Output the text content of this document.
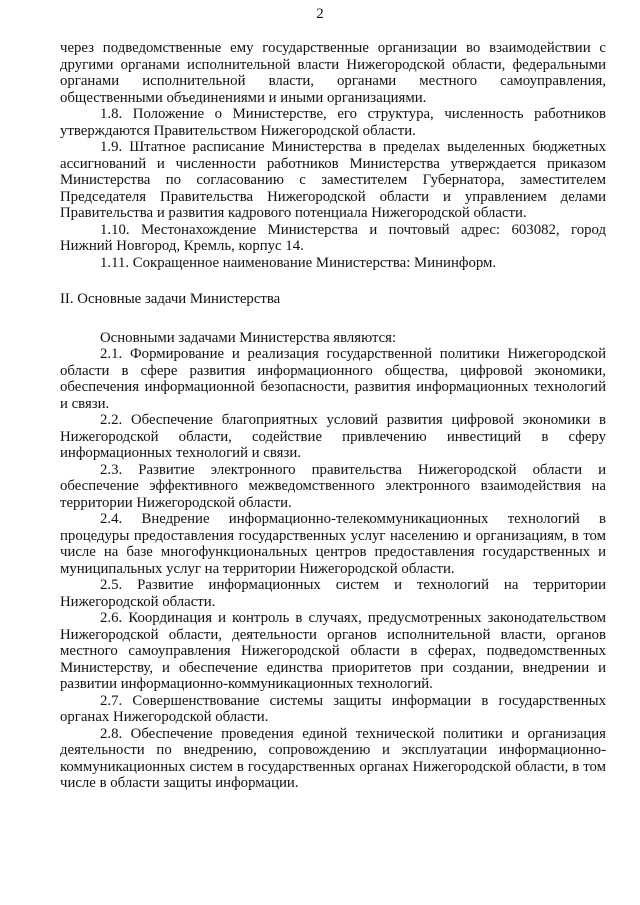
2

через подведомственные ему государственные организации во взаимодействии с другими органами исполнительной власти Нижегородской области, федеральными органами исполнительной власти, органами местного самоуправления, общественными объединениями и иными организациями.

1.8. Положение о Министерстве, его структура, численность работников утверждаются Правительством Нижегородской области.

1.9. Штатное расписание Министерства в пределах выделенных бюджетных ассигнований и численности работников Министерства утверждается приказом Министерства по согласованию с заместителем Губернатора, заместителем Председателя Правительства Нижегородской области и управлением делами Правительства и развития кадрового потенциала Нижегородской области.

1.10. Местонахождение Министерства и почтовый адрес: 603082, город Нижний Новгород, Кремль, корпус 14.

1.11. Сокращенное наименование Министерства: Мининформ.

II. Основные задачи Министерства

Основными задачами Министерства являются:

2.1. Формирование и реализация государственной политики Нижегородской области в сфере развития информационного общества, цифровой экономики, обеспечения информационной безопасности, развития информационных технологий и связи.

2.2. Обеспечение благоприятных условий развития цифровой экономики в Нижегородской области, содействие привлечению инвестиций в сферу информационных технологий и связи.

2.3. Развитие электронного правительства Нижегородской области и обеспечение эффективного межведомственного электронного взаимодействия на территории Нижегородской области.

2.4. Внедрение информационно-телекоммуникационных технологий в процедуры предоставления государственных услуг населению и организациям, в том числе на базе многофункциональных центров предоставления государственных и муниципальных услуг на территории Нижегородской области.

2.5. Развитие информационных систем и технологий на территории Нижегородской области.

2.6. Координация и контроль в случаях, предусмотренных законодательством Нижегородской области, деятельности органов исполнительной власти, органов местного самоуправления Нижегородской области в сферах, подведомственных Министерству, и обеспечение единства приоритетов при создании, внедрении и развитии информационно-коммуникационных технологий.

2.7. Совершенствование системы защиты информации в государственных органах Нижегородской области.

2.8. Обеспечение проведения единой технической политики и организация деятельности по внедрению, сопровождению и эксплуатации информационно-коммуникационных систем в государственных органах Нижегородской области, в том числе в области защиты информации.
